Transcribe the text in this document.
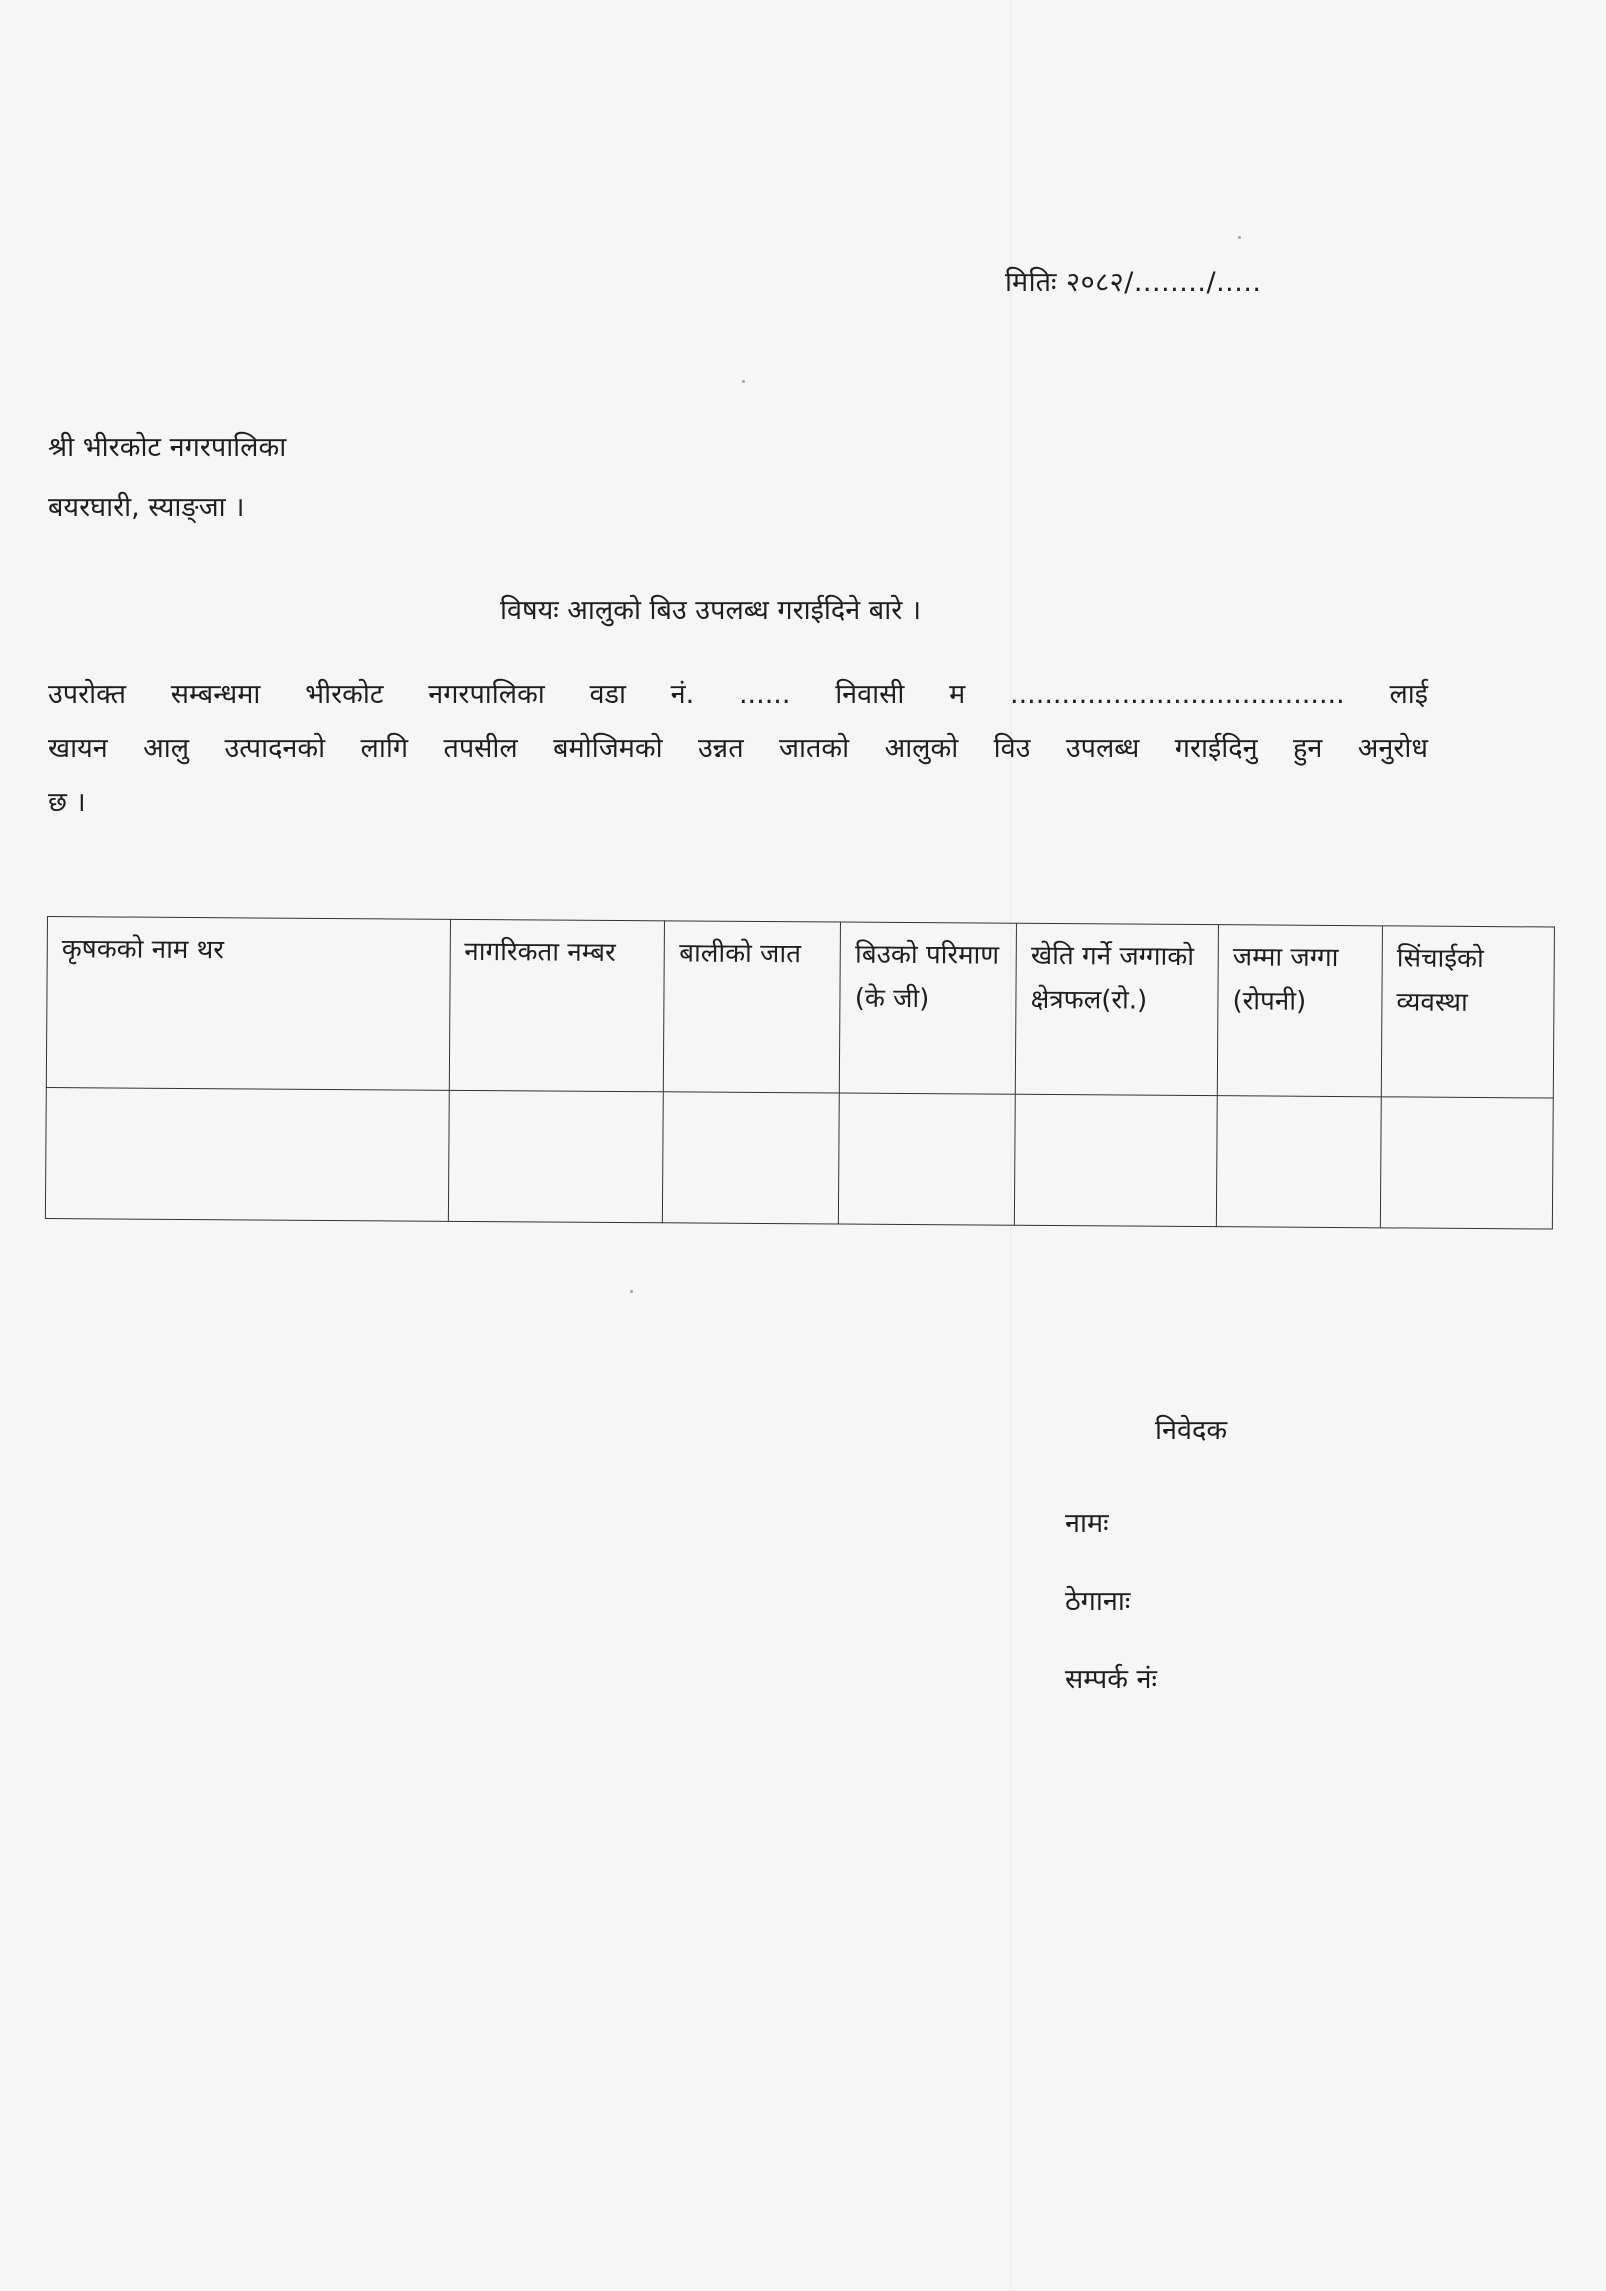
मितिः २०८२/......../.....
श्री भीरकोट नगरपालिका
बयरघारी, स्याङ्जा ।
विषयः आलुको बिउ उपलब्ध गराईदिने बारे ।
उपरोक्त सम्बन्धमा भीरकोट नगरपालिका वडा नं. ...... निवासी म ....................................... लाई
खायन आलु उत्पादनको लागि तपसील बमोजिमको उन्नत जातको आलुको विउ उपलब्ध गराईदिनु हुन अनुरोध
छ ।
कृषकको नाम थर	नागरिकता नम्बर	बालीको जात	बिउको परिमाण (के जी)	खेति गर्ने जग्गाको क्षेत्रफल(रो.)	जम्मा जग्गा (रोपनी)	सिंचाईको व्यवस्था

निवेदक
नामः
ठेगानाः
सम्पर्क नंः
